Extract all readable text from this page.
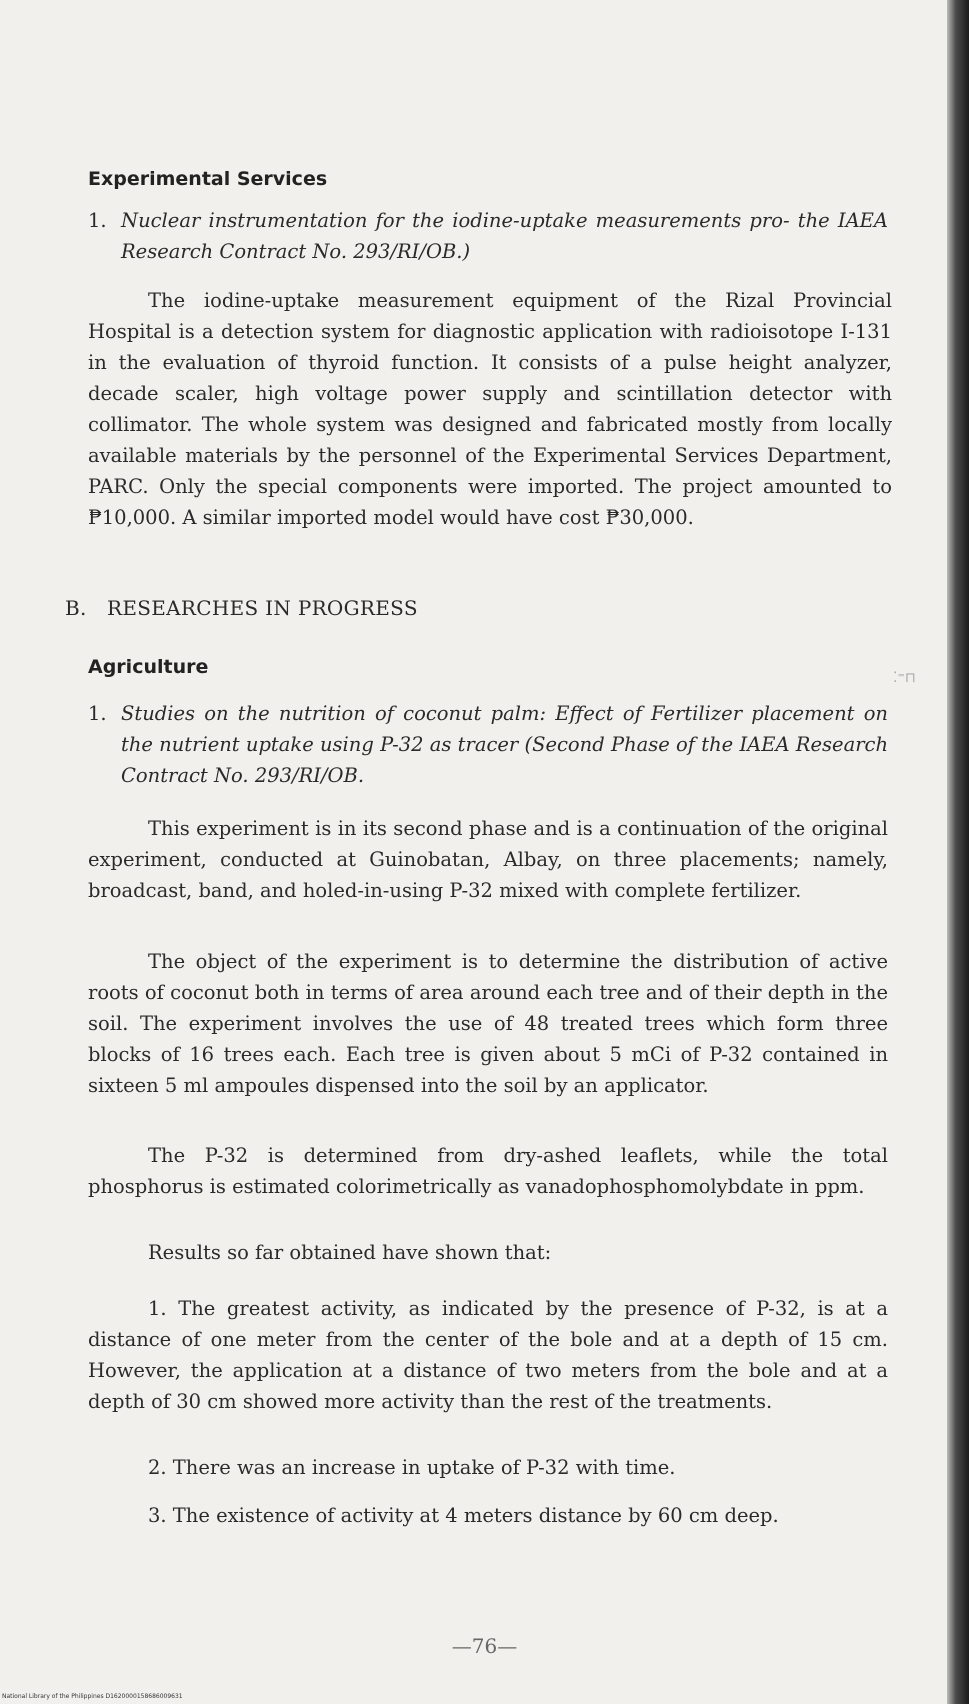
Experimental Services
1. Nuclear instrumentation for the iodine-uptake measurements pro- the IAEA Research Contract No. 293/RI/OB.)

The iodine-uptake measurement equipment of the Rizal Provincial Hospital is a detection system for diagnostic application with radioisotope I-131 in the evaluation of thyroid function. It consists of a pulse height analyzer, decade scaler, high voltage power supply and scintillation detector with collimator. The whole system was designed and fabricated mostly from locally available materials by the personnel of the Experimental Services Department, PARC. Only the special components were imported. The project amounted to ₱10,000. A similar imported model would have cost ₱30,000.

B. RESEARCHES IN PROGRESS
Agriculture	⁚⁼⊓
1. Studies on the nutrition of coconut palm: Effect of Fertilizer placement on the nutrient uptake using P-32 as tracer (Second Phase of the IAEA Research Contract No. 293/RI/OB.

This experiment is in its second phase and is a continuation of the original experiment, conducted at Guinobatan, Albay, on three placements; namely, broadcast, band, and holed-in-using P-32 mixed with complete fertilizer.

The object of the experiment is to determine the distribution of active roots of coconut both in terms of area around each tree and of their depth in the soil. The experiment involves the use of 48 treated trees which form three blocks of 16 trees each. Each tree is given about 5 mCi of P-32 contained in sixteen 5 ml ampoules dispensed into the soil by an applicator.

The P-32 is determined from dry-ashed leaflets, while the total phosphorus is estimated colorimetrically as vanadophosphomolybdate in ppm.

Results so far obtained have shown that:

1. The greatest activity, as indicated by the presence of P-32, is at a distance of one meter from the center of the bole and at a depth of 15 cm. However, the application at a distance of two meters from the bole and at a depth of 30 cm showed more activity than the rest of the treatments.

2. There was an increase in uptake of P-32 with time.

3. The existence of activity at 4 meters distance by 60 cm deep.

—76—
National Library of the Philippines D1620000158686009631
